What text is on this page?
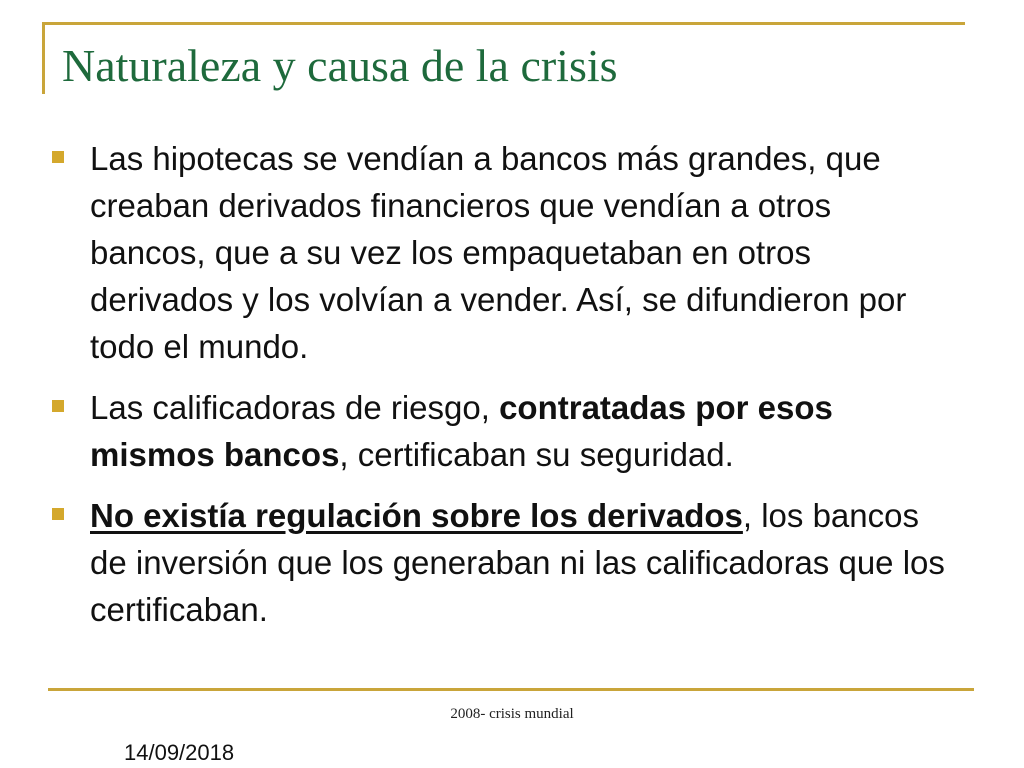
Naturaleza y causa de la crisis
Las hipotecas se vendían a bancos más grandes, que creaban derivados financieros que vendían a otros bancos, que a su vez los empaquetaban en otros derivados y los volvían a vender. Así, se difundieron por todo el mundo.
Las calificadoras de riesgo, contratadas por esos mismos bancos, certificaban su seguridad.
No existía regulación sobre los derivados, los bancos de inversión que los generaban ni las calificadoras que los certificaban.
2008- crisis mundial
14/09/2018
